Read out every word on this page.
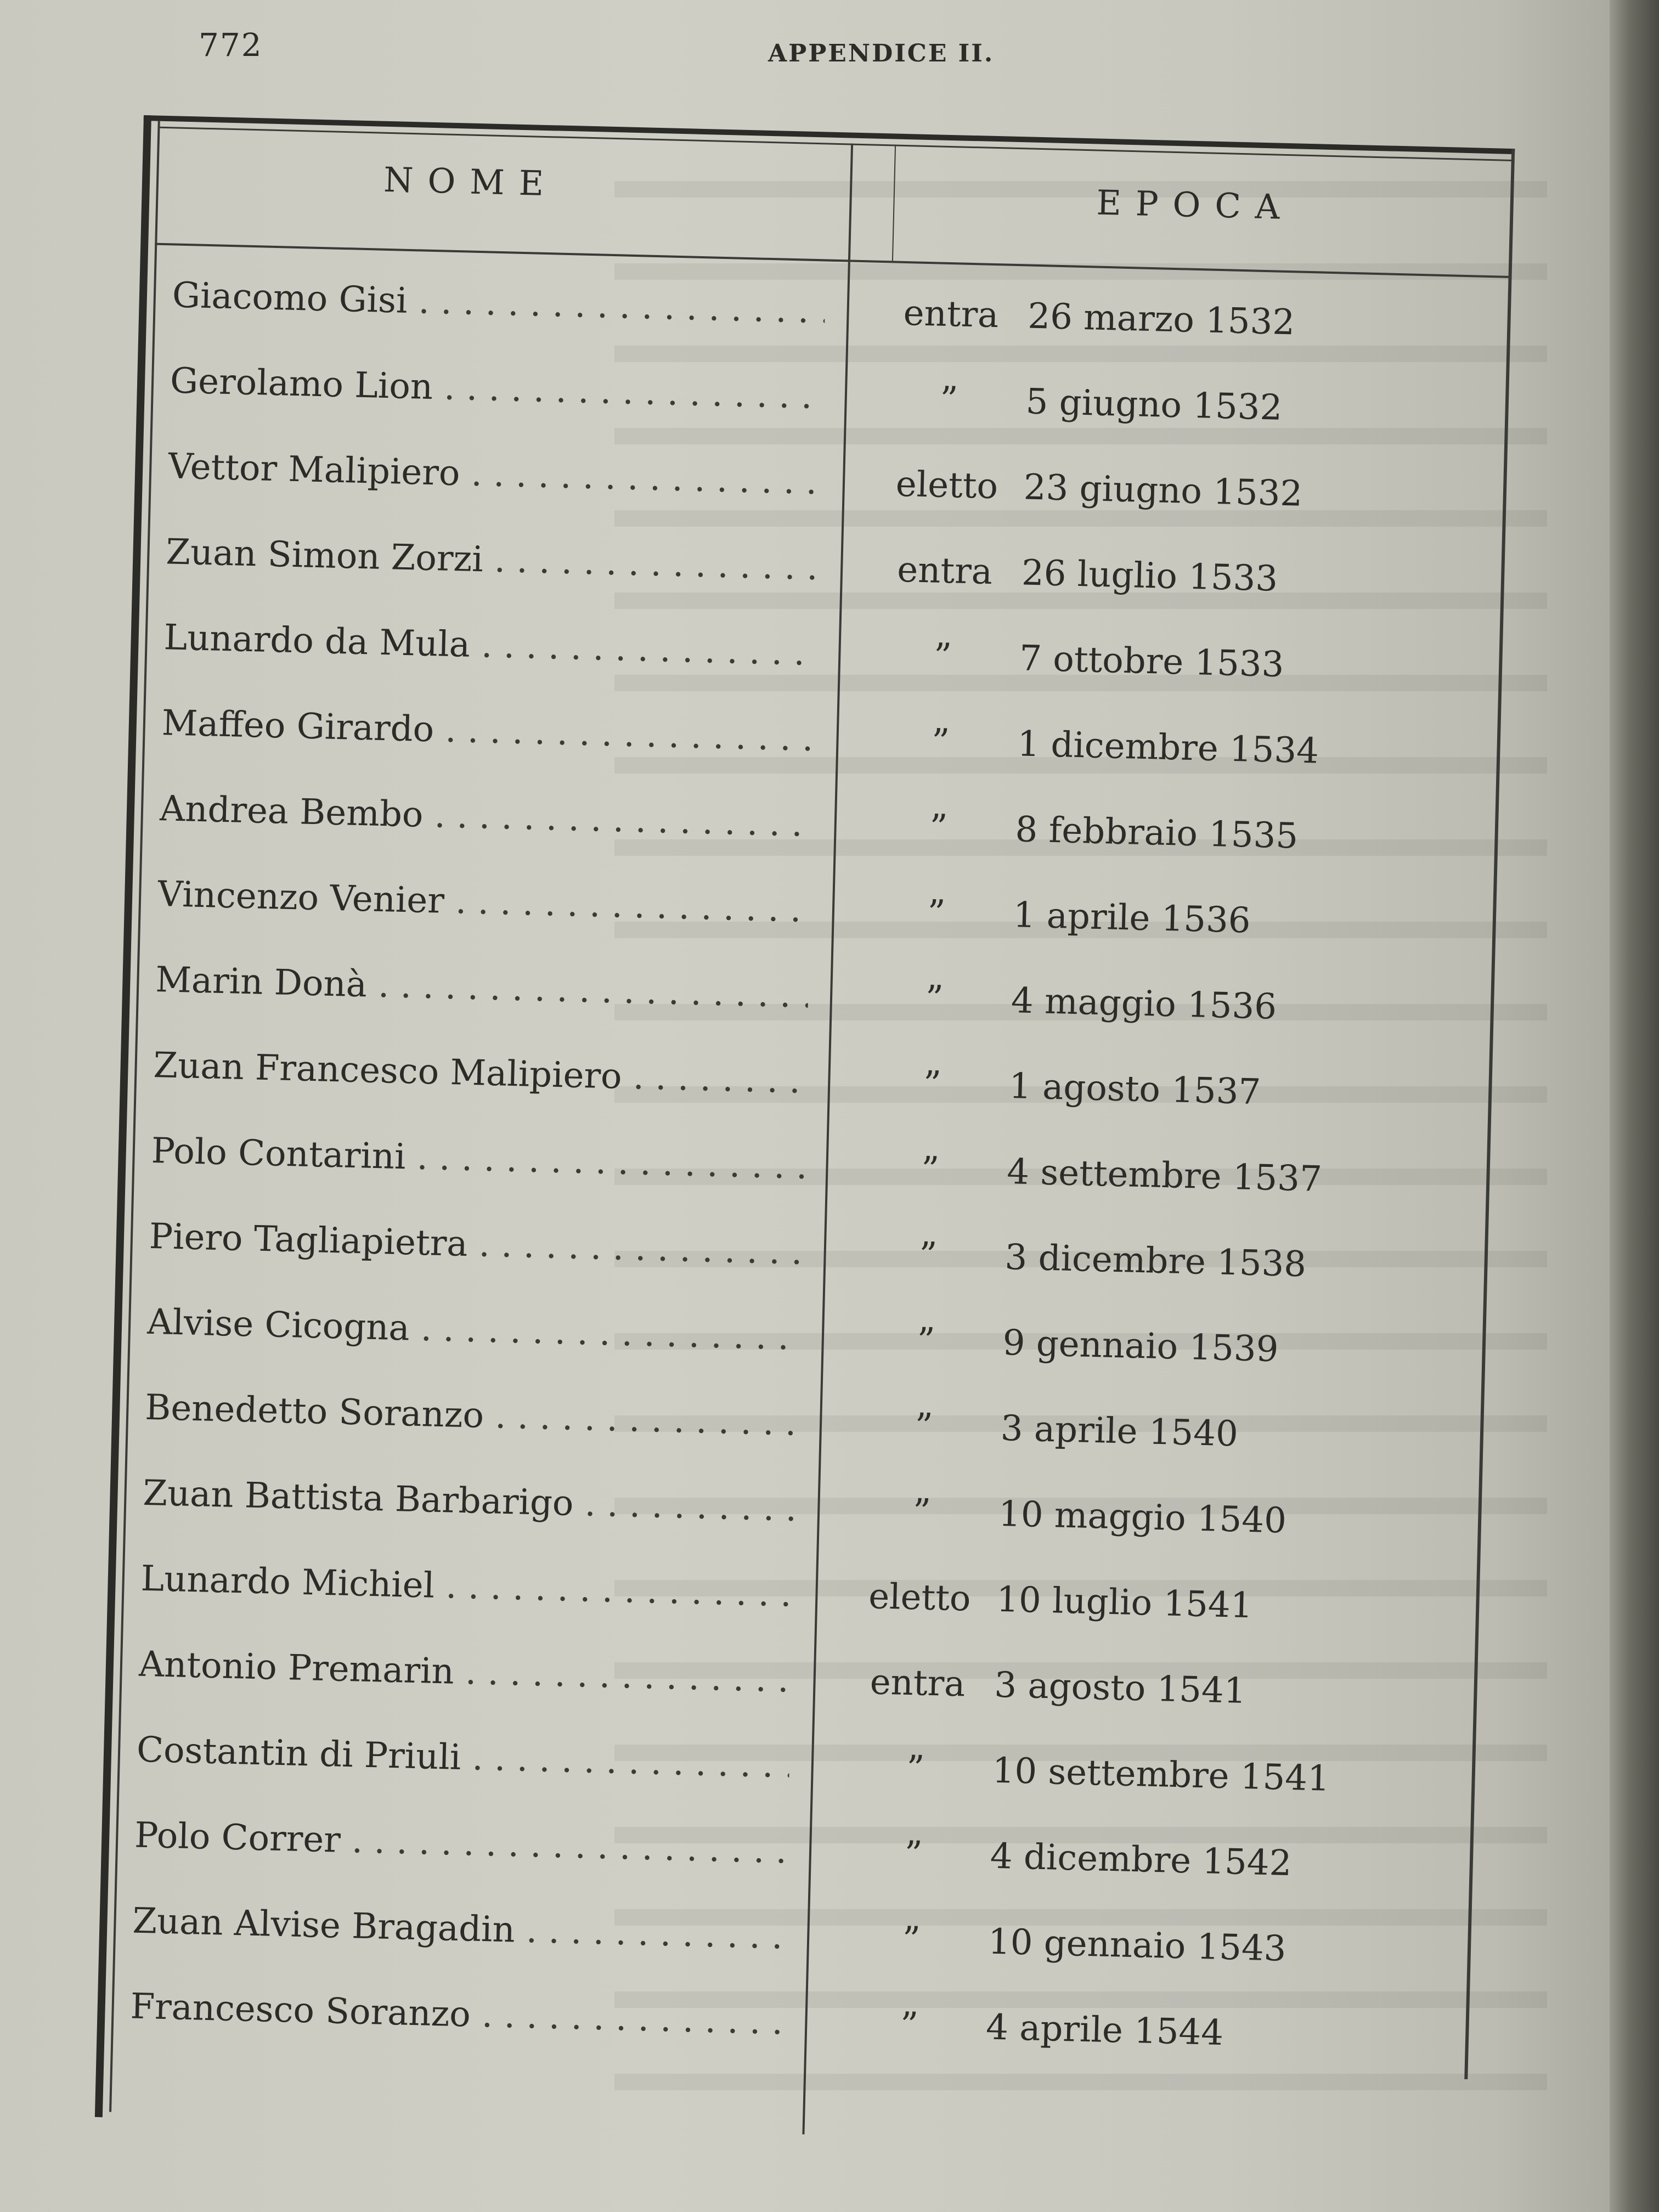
772	APPENDICE II.
NOME
EPOCA
Giacomo Gisi . .	entra 26 marzo 1532
Gerolamo Lion . .	”	5 giugno 1532
Vettor Malipiero . .	eletto 23 giugno 1532
Zuan Simon Zorzi . .	entra 26 luglio 1533
Lunardo da Mula . .	”	7 ottobre 1533
Maffeo Girardo . .	”	1 dicembre 1534
Andrea Bembo . .	”	8 febbraio 1535
Vincenzo Venier . .	”	1 aprile 1536
Marin Donà . .	”	4 maggio 1536
Zuan Francesco Malipiero . .	”	1 agosto 1537
Polo Contarini . .	”	4 settembre 1537
Piero Tagliapietra . .	”	3 dicembre 1538
Alvise Cicogna . .	”	9 gennaio 1539
Benedetto Soranzo . .	”	3 aprile 1540
Zuan Battista Barbarigo . .	”	10 maggio 1540
Lunardo Michiel . .	eletto 10 luglio 1541
Antonio Premarin . .	entra 3 agosto 1541
Costantin di Priuli . .	”	10 settembre 1541
Polo Correr . .	”	4 dicembre 1542
Zuan Alvise Bragadin . .	”	10 gennaio 1543
Francesco Soranzo . .	”	4 aprile 1544
